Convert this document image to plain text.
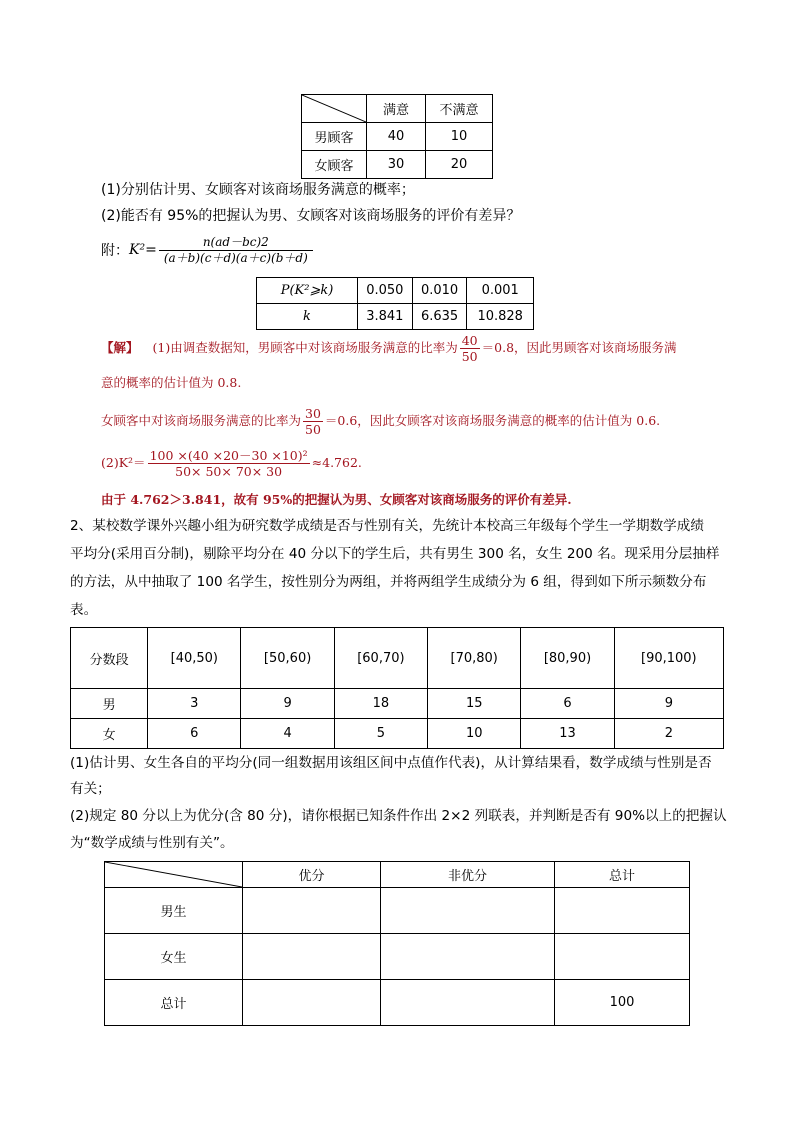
	满意	不满意
男顾客	40	10
女顾客	30	20
(1)分别估计男、女顾客对该商场服务满意的概率；
(2)能否有 95%的把握认为男、女顾客对该商场服务的评价有差异？
附： $K^2= \frac{n(ad-bc)2}{(a+b)(c+d)(a+c)(b+d)}$
P(K²⩾k)	0.050	0.010	0.001
k	3.841	6.635	10.828
【解】 (1)由调查数据知，男顾客中对该商场服务满意的比率为 $\frac{40}{50} =0.8$，因此男顾客对该商场服务满
意的概率的估计值为 0.8.
女顾客中对该商场服务满意的比率为 $\frac{30}{50} =0.6$，因此女顾客对该商场服务满意的概率的估计值为 0.6.
$(2)K^2= \frac{\text{100 ×(40 ×20－30 ×10)²}}{50\times 50\times 70\times 30} \approx 4.762$.
由于 4.762＞3.841，故有 95%的把握认为男、女顾客对该商场服务的评价有差异.
2、某校数学课外兴趣小组为研究数学成绩是否与性别有关，先统计本校高三年级每个学生一学期数学成绩
平均分(采用百分制)，剔除平均分在 40 分以下的学生后，共有男生 300 名，女生 200 名。现采用分层抽样
的方法，从中抽取了 100 名学生，按性别分为两组，并将两组学生成绩分为 6 组，得到如下所示频数分布
表。
分数段	[40,50)	[50,60)	[60,70)	[70,80)	[80,90)	[90,100)
男	3	9	18	15	6	9
女	6	4	5	10	13	2
(1)估计男、女生各自的平均分(同一组数据用该组区间中点值作代表)，从计算结果看，数学成绩与性别是否
有关；
(2)规定 80 分以上为优分(含 80 分)，请你根据已知条件作出 2×2 列联表，并判断是否有 90%以上的把握认
为“数学成绩与性别有关”。
	优分	非优分	总计
男生			
女生			
总计			100
